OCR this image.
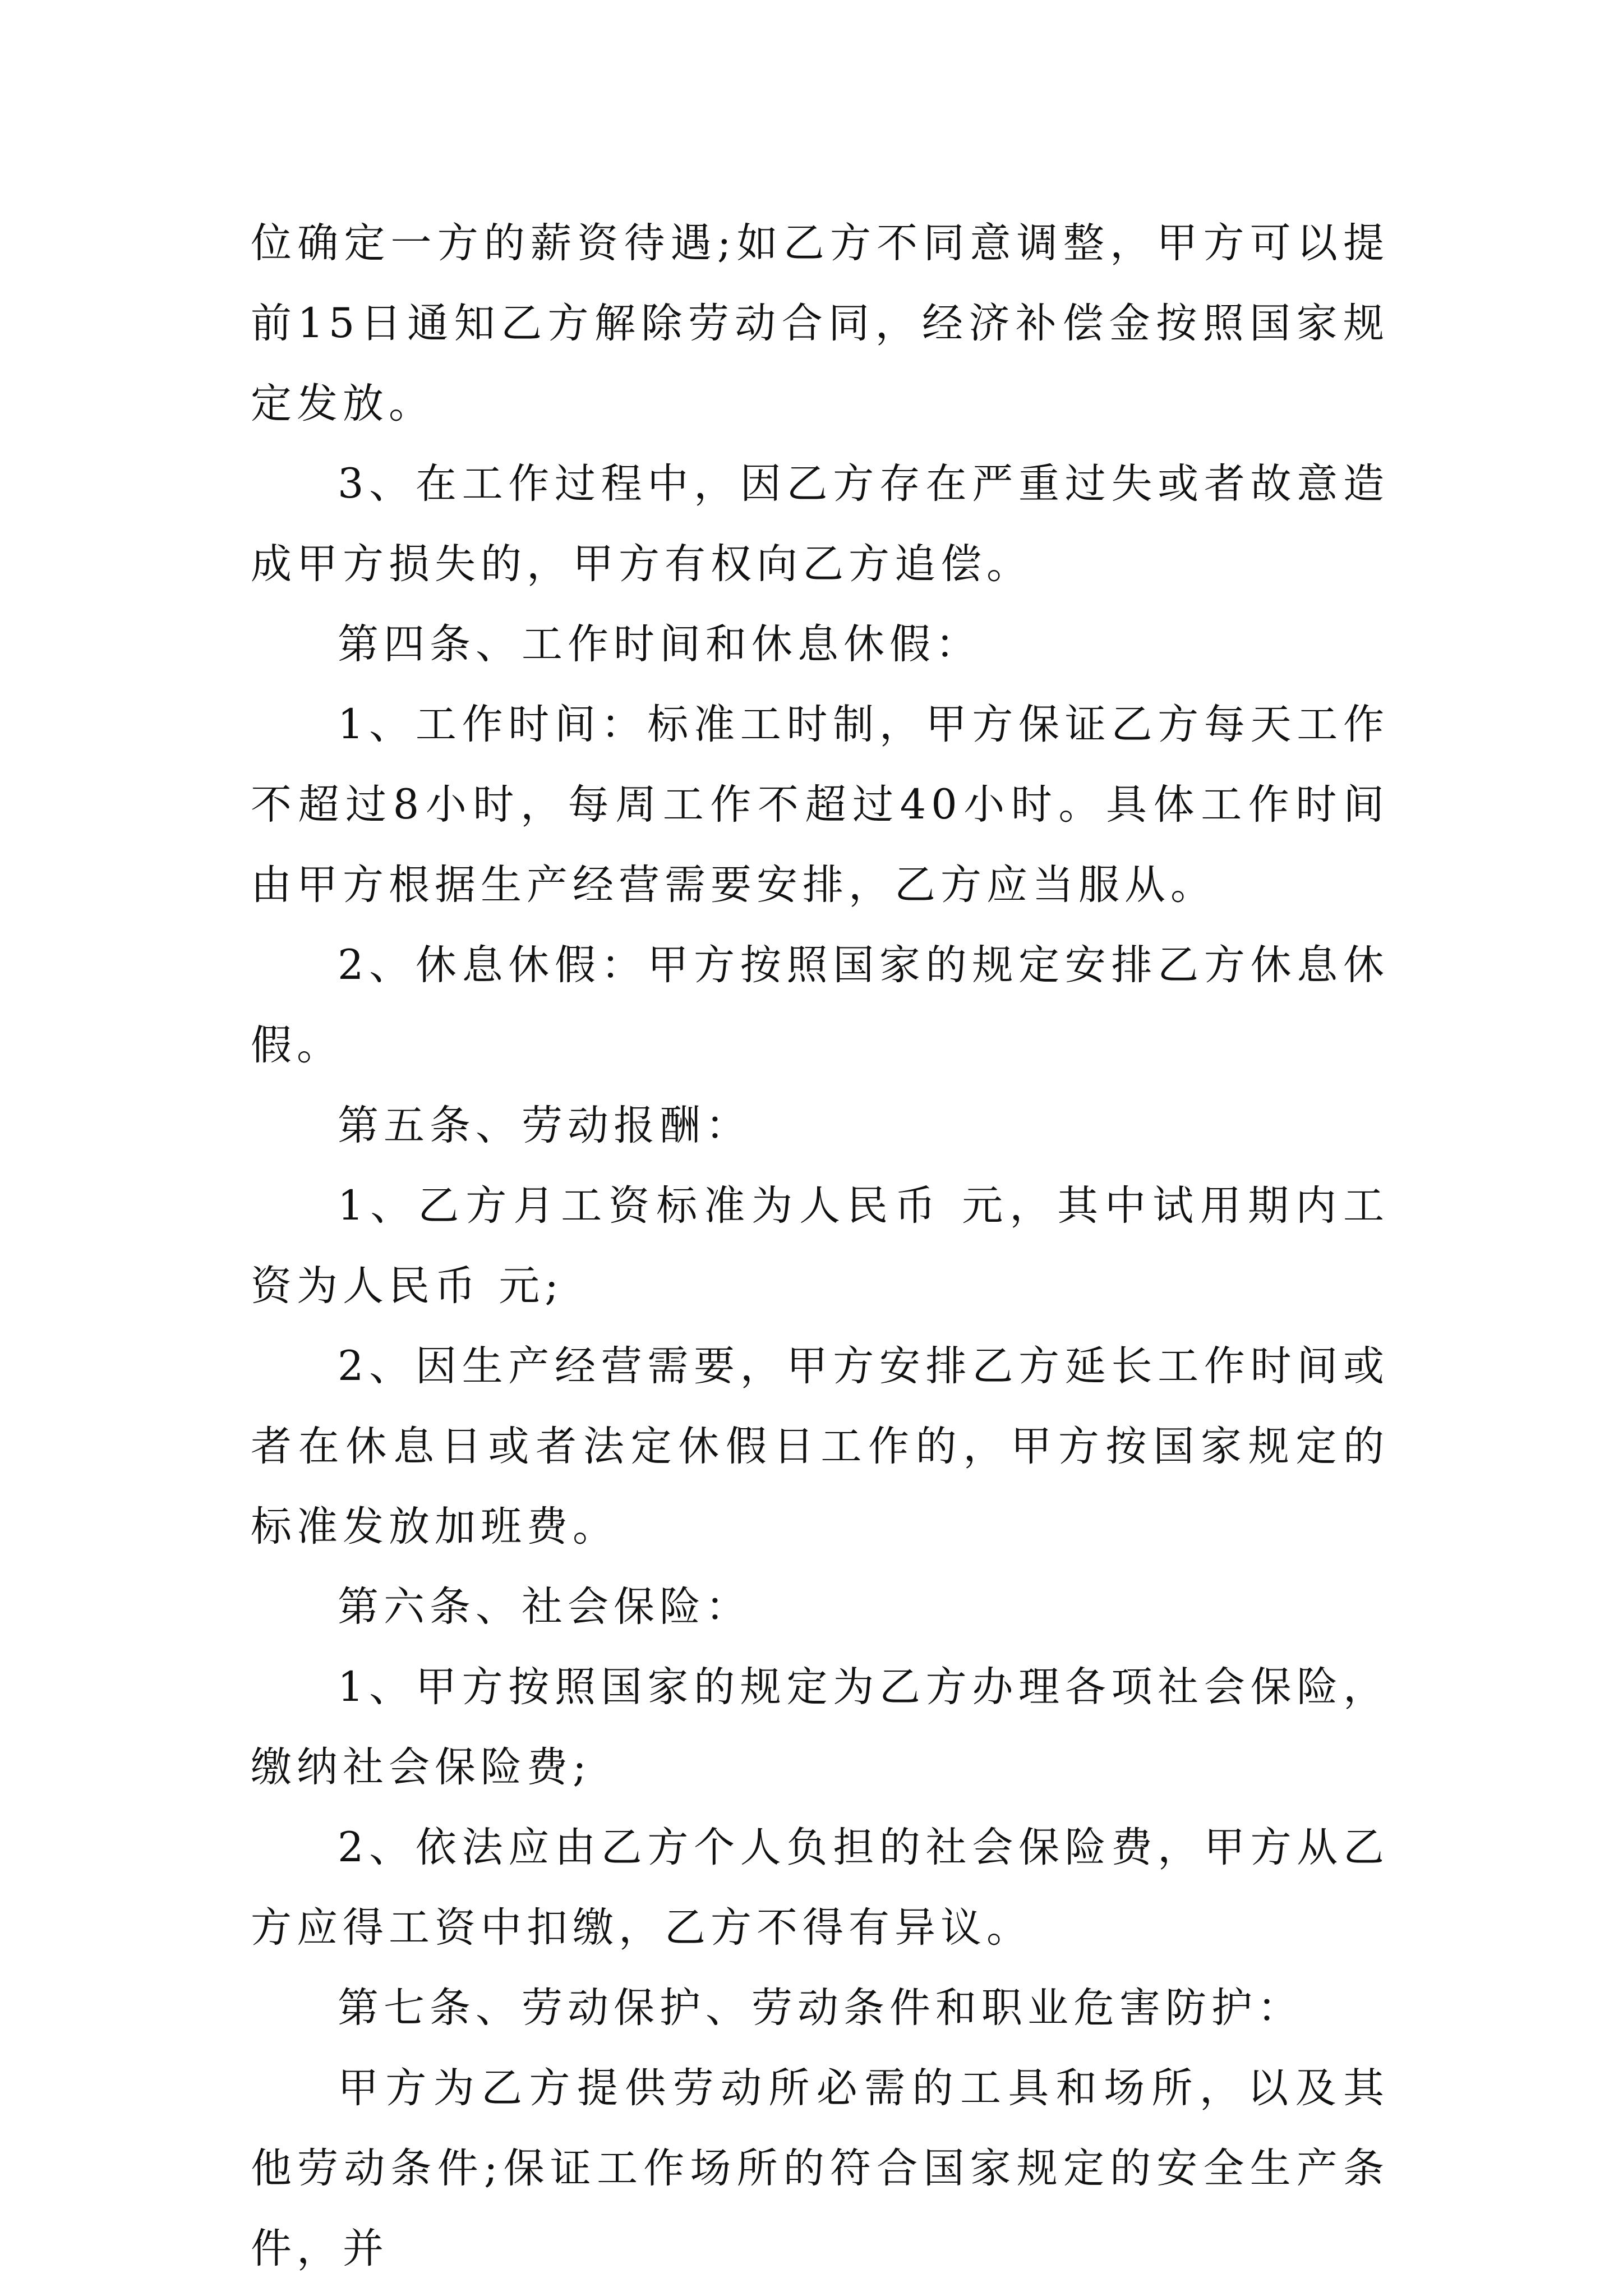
位确定一方的薪资待遇;如乙方不同意调整，甲方可以提前15日通知乙方解除劳动合同，经济补偿金按照国家规定发放。

3、在工作过程中，因乙方存在严重过失或者故意造成甲方损失的，甲方有权向乙方追偿。

第四条、工作时间和休息休假：

1、工作时间：标准工时制，甲方保证乙方每天工作不超过8小时，每周工作不超过40小时。具体工作时间由甲方根据生产经营需要安排，乙方应当服从。

2、休息休假：甲方按照国家的规定安排乙方休息休假。

第五条、劳动报酬：

1、乙方月工资标准为人民币 元，其中试用期内工资为人民币 元;

2、因生产经营需要，甲方安排乙方延长工作时间或者在休息日或者法定休假日工作的，甲方按国家规定的标准发放加班费。

第六条、社会保险：

1、甲方按照国家的规定为乙方办理各项社会保险，缴纳社会保险费;

2、依法应由乙方个人负担的社会保险费，甲方从乙方应得工资中扣缴，乙方不得有异议。

第七条、劳动保护、劳动条件和职业危害防护：

甲方为乙方提供劳动所必需的工具和场所，以及其他劳动条件;保证工作场所的符合国家规定的安全生产条件，并
